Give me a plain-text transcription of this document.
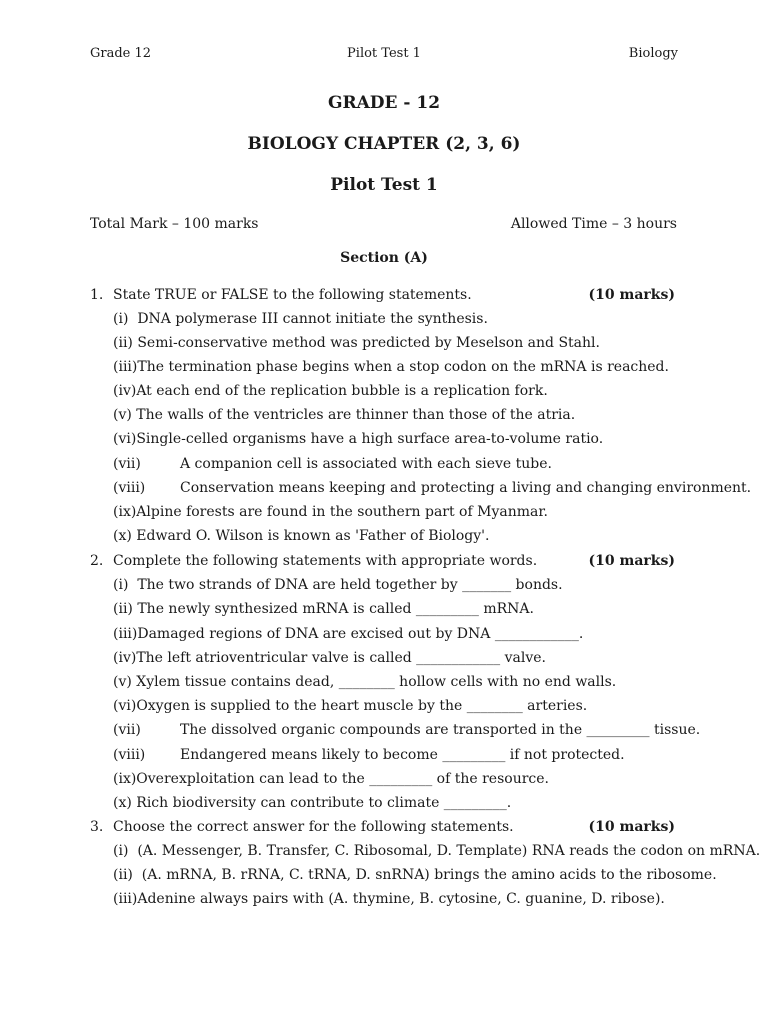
Grade 12	Pilot Test 1	Biology
GRADE - 12
BIOLOGY CHAPTER (2, 3, 6)
Pilot Test 1
Total Mark – 100 marks	Allowed Time – 3 hours
Section (A)
1. State TRUE or FALSE to the following statements.	(10 marks)
(i) DNA polymerase III cannot initiate the synthesis.
(ii) Semi-conservative method was predicted by Meselson and Stahl.
(iii)The termination phase begins when a stop codon on the mRNA is reached.
(iv)At each end of the replication bubble is a replication fork.
(v) The walls of the ventricles are thinner than those of the atria.
(vi)Single-celled organisms have a high surface area-to-volume ratio.
(vii)	A companion cell is associated with each sieve tube.
(viii) Conservation means keeping and protecting a living and changing environment.
(ix)Alpine forests are found in the southern part of Myanmar.
(x) Edward O. Wilson is known as 'Father of Biology'.
2. Complete the following statements with appropriate words.	(10 marks)
(i) The two strands of DNA are held together by _______ bonds.
(ii) The newly synthesized mRNA is called _________ mRNA.
(iii)Damaged regions of DNA are excised out by DNA ____________.
(iv)The left atrioventricular valve is called ____________ valve.
(v) Xylem tissue contains dead, ________ hollow cells with no end walls.
(vi)Oxygen is supplied to the heart muscle by the ________ arteries.
(vii)	The dissolved organic compounds are transported in the _________ tissue.
(viii) Endangered means likely to become _________ if not protected.
(ix)Overexploitation can lead to the _________ of the resource.
(x) Rich biodiversity can contribute to climate _________.
3. Choose the correct answer for the following statements.	(10 marks)
(i) (A. Messenger, B. Transfer, C. Ribosomal, D. Template) RNA reads the codon on mRNA.
(ii) (A. mRNA, B. rRNA, C. tRNA, D. snRNA) brings the amino acids to the ribosome.
(iii)Adenine always pairs with (A. thymine, B. cytosine, C. guanine, D. ribose).
